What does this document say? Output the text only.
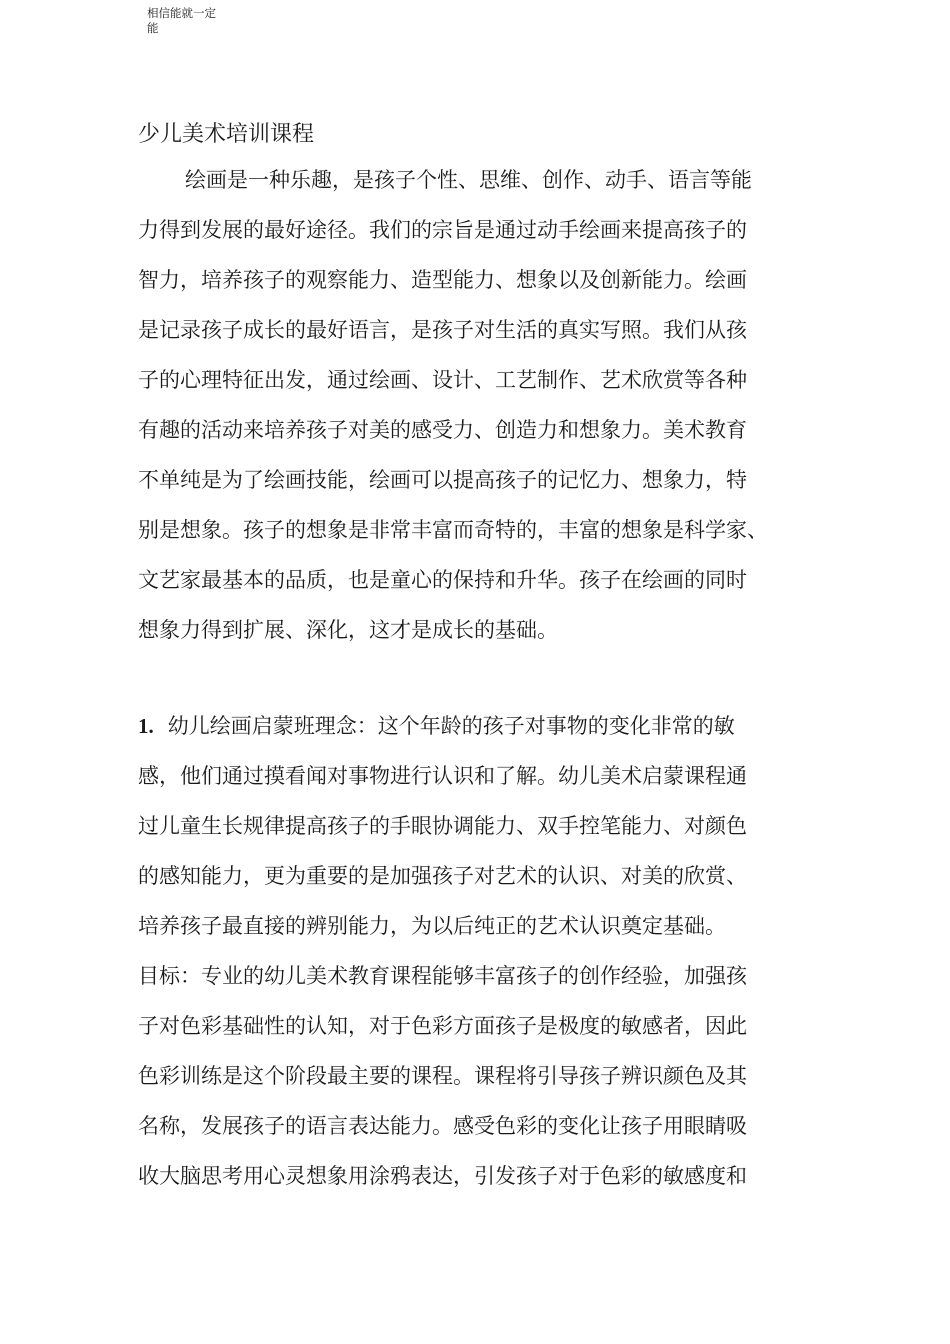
相信能就一定
能
少儿美术培训课程
绘画是一种乐趣，是孩子个性、思维、创作、动手、语言等能
力得到发展的最好途径。我们的宗旨是通过动手绘画来提高孩子的
智力，培养孩子的观察能力、造型能力、想象以及创新能力。绘画
是记录孩子成长的最好语言，是孩子对生活的真实写照。我们从孩
子的心理特征出发，通过绘画、设计、工艺制作、艺术欣赏等各种
有趣的活动来培养孩子对美的感受力、创造力和想象力。美术教育
不单纯是为了绘画技能，绘画可以提高孩子的记忆力、想象力，特
别是想象。孩子的想象是非常丰富而奇特的，丰富的想象是科学家、
文艺家最基本的品质，也是童心的保持和升华。孩子在绘画的同时
想象力得到扩展、深化，这才是成长的基础。
1. 幼儿绘画启蒙班理念：这个年龄的孩子对事物的变化非常的敏
感，他们通过摸看闻对事物进行认识和了解。幼儿美术启蒙课程通
过儿童生长规律提高孩子的手眼协调能力、双手控笔能力、对颜色
的感知能力，更为重要的是加强孩子对艺术的认识、对美的欣赏、
培养孩子最直接的辨别能力，为以后纯正的艺术认识奠定基础。
目标：专业的幼儿美术教育课程能够丰富孩子的创作经验，加强孩
子对色彩基础性的认知，对于色彩方面孩子是极度的敏感者，因此
色彩训练是这个阶段最主要的课程。课程将引导孩子辨识颜色及其
名称，发展孩子的语言表达能力。感受色彩的变化让孩子用眼睛吸
收大脑思考用心灵想象用涂鸦表达，引发孩子对于色彩的敏感度和
